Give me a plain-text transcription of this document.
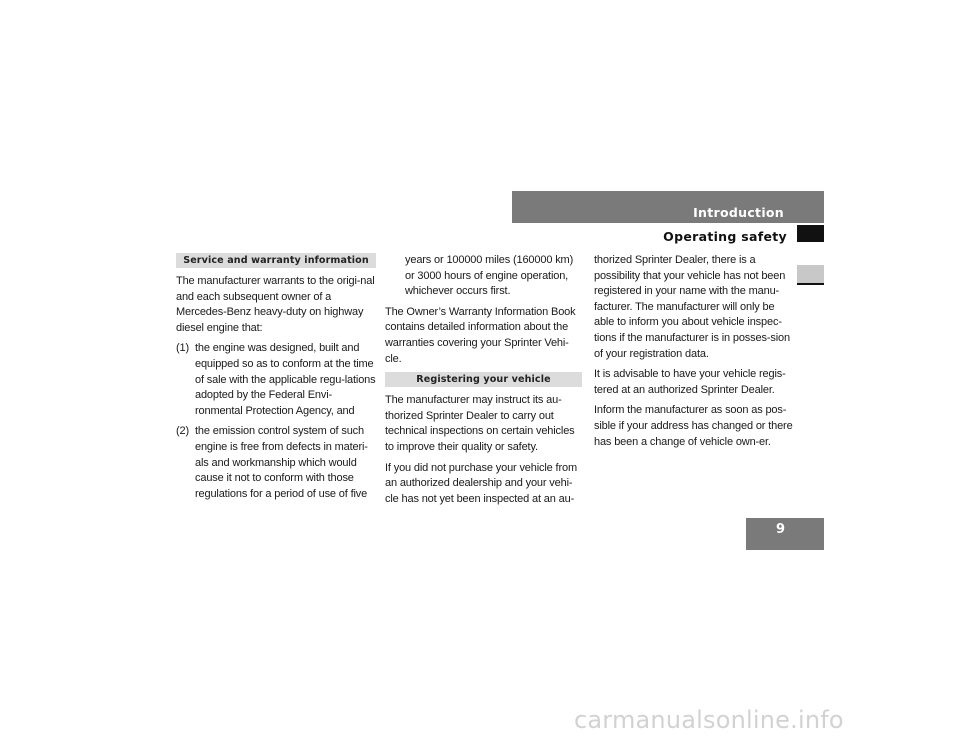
Introduction
Operating safety
Service and warranty information

The manufacturer warrants to the origi-nal and each subsequent owner of a Mercedes-Benz heavy-duty on highway diesel engine that:

(1) the engine was designed, built and equipped so as to conform at the time of sale with the applicable regu-lations adopted by the Federal Envi-ronmental Protection Agency, and
(2) the emission control system of such engine is free from defects in materi-als and workmanship which would cause it not to conform with those regulations for a period of use of five

years or 100000 miles (160000 km) or 3000 hours of engine operation, whichever occurs first.

The Owner’s Warranty Information Book contains detailed information about the warranties covering your Sprinter Vehi-cle.

Registering your vehicle

The manufacturer may instruct its au-thorized Sprinter Dealer to carry out technical inspections on certain vehicles to improve their quality or safety.

If you did not purchase your vehicle from an authorized dealership and your vehi-cle has not yet been inspected at an au-

thorized Sprinter Dealer, there is a possibility that your vehicle has not been registered in your name with the manu-facturer. The manufacturer will only be able to inform you about vehicle inspec-tions if the manufacturer is in posses-sion of your registration data.

It is advisable to have your vehicle regis-tered at an authorized Sprinter Dealer.

Inform the manufacturer as soon as pos-sible if your address has changed or there has been a change of vehicle own-er.

9
carmanualsonline.info
